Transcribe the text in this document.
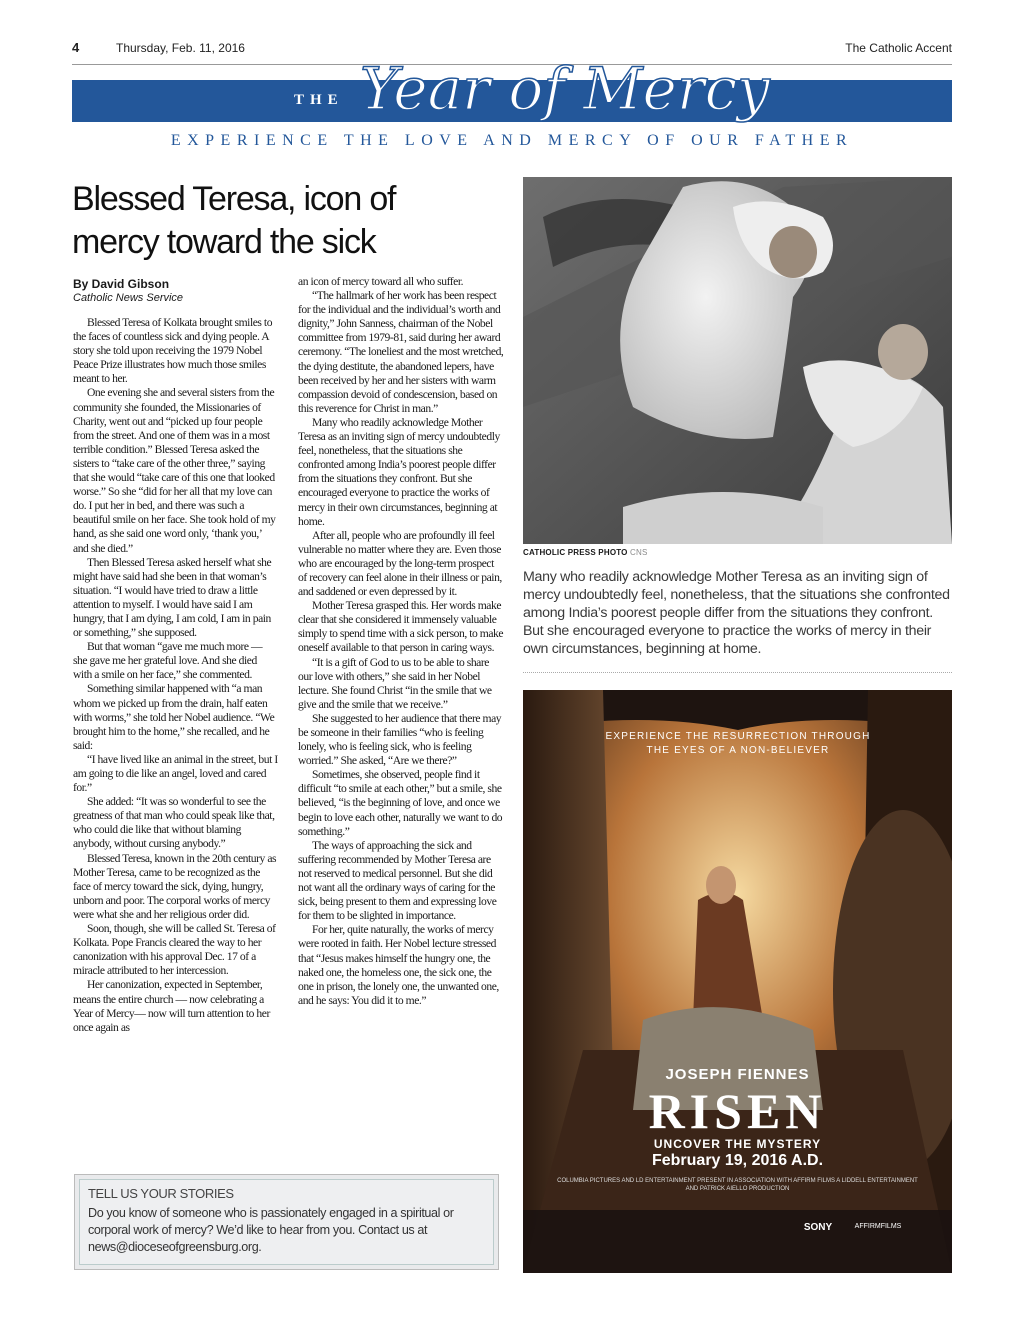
4	Thursday, Feb. 11, 2016	The Catholic Accent
THE Year of Mercy
EXPERIENCE THE LOVE AND MERCY OF OUR FATHER
Blessed Teresa, icon of mercy toward the sick
By David Gibson
Catholic News Service

Blessed Teresa of Kolkata brought smiles to the faces of countless sick and dying people. A story she told upon receiving the 1979 Nobel Peace Prize illustrates how much those smiles meant to her.

One evening she and several sisters from the community she founded, the Missionaries of Charity, went out and “picked up four people from the street. And one of them was in a most terrible condition.” Blessed Teresa asked the sisters to “take care of the other three,” saying that she would “take care of this one that looked worse.” So she “did for her all that my love can do. I put her in bed, and there was such a beautiful smile on her face. She took hold of my hand, as she said one word only, ‘thank you,’ and she died.”

Then Blessed Teresa asked herself what she might have said had she been in that woman’s situation. “I would have tried to draw a little attention to myself. I would have said I am hungry, that I am dying, I am cold, I am in pain or something,” she supposed.

But that woman “gave me much more — she gave me her grateful love. And she died with a smile on her face,” she commented.

Something similar happened with “a man whom we picked up from the drain, half eaten with worms,” she told her Nobel audience. “We brought him to the home,” she recalled, and he said:

“I have lived like an animal in the street, but I am going to die like an angel, loved and cared for.”

She added: “It was so wonderful to see the greatness of that man who could speak like that, who could die like that without blaming anybody, without cursing anybody.”

Blessed Teresa, known in the 20th century as Mother Teresa, came to be recognized as the face of mercy toward the sick, dying, hungry, unborn and poor. The corporal works of mercy were what she and her religious order did.

Soon, though, she will be called St. Teresa of Kolkata. Pope Francis cleared the way to her canonization with his approval Dec. 17 of a miracle attributed to her intercession.

Her canonization, expected in September, means the entire church — now celebrating a Year of Mercy— now will turn attention to her once again as

an icon of mercy toward all who suffer.

“The hallmark of her work has been respect for the individual and the individual’s worth and dignity,” John Sanness, chairman of the Nobel committee from 1979-81, said during her award ceremony. “The loneliest and the most wretched, the dying destitute, the abandoned lepers, have been received by her and her sisters with warm compassion devoid of condescension, based on this reverence for Christ in man.”

Many who readily acknowledge Mother Teresa as an inviting sign of mercy undoubtedly feel, nonetheless, that the situations she confronted among India’s poorest people differ from the situations they confront. But she encouraged everyone to practice the works of mercy in their own circumstances, beginning at home.

After all, people who are profoundly ill feel vulnerable no matter where they are. Even those who are encouraged by the long-term prospect of recovery can feel alone in their illness or pain, and saddened or even depressed by it.

Mother Teresa grasped this. Her words make clear that she considered it immensely valuable simply to spend time with a sick person, to make oneself available to that person in caring ways.

“It is a gift of God to us to be able to share our love with others,” she said in her Nobel lecture. She found Christ “in the smile that we give and the smile that we receive.”

She suggested to her audience that there may be someone in their families “who is feeling lonely, who is feeling sick, who is feeling worried.” She asked, “Are we there?”

Sometimes, she observed, people find it difficult “to smile at each other,” but a smile, she believed, “is the beginning of love, and once we begin to love each other, naturally we want to do something.”

The ways of approaching the sick and suffering recommended by Mother Teresa are not reserved to medical personnel. But she did not want all the ordinary ways of caring for the sick, being present to them and expressing love for them to be slighted in importance.

For her, quite naturally, the works of mercy were rooted in faith. Her Nobel lecture stressed that “Jesus makes himself the hungry one, the naked one, the homeless one, the sick one, the one in prison, the lonely one, the unwanted one, and he says: You did it to me.”

CATHOLIC PRESS PHOTO CNS
Many who readily acknowledge Mother Teresa as an inviting sign of mercy undoubtedly feel, nonetheless, that the situations she confronted among India’s poorest people differ from the situations they confront. But she encouraged everyone to practice the works of mercy in their own circumstances, beginning at home.
EXPERIENCE THE RESURRECTION THROUGH THE EYES OF A NON-BELIEVER
JOSEPH FIENNES
RISEN
UNCOVER THE MYSTERY
February 19, 2016 A.D.
COLUMBIA PICTURES AND LD ENTERTAINMENT PRESENT IN ASSOCIATION WITH AFFIRM FILMS A LIDDELL ENTERTAINMENT AND PATRICK AIELLO PRODUCTION
SONY	AFFIRMFILMS
TELL US YOUR STORIES
Do you know of someone who is passionately engaged in a spiritual or corporal work of mercy? We’d like to hear from you. Contact us at news@dioceseofgreensburg.org.
